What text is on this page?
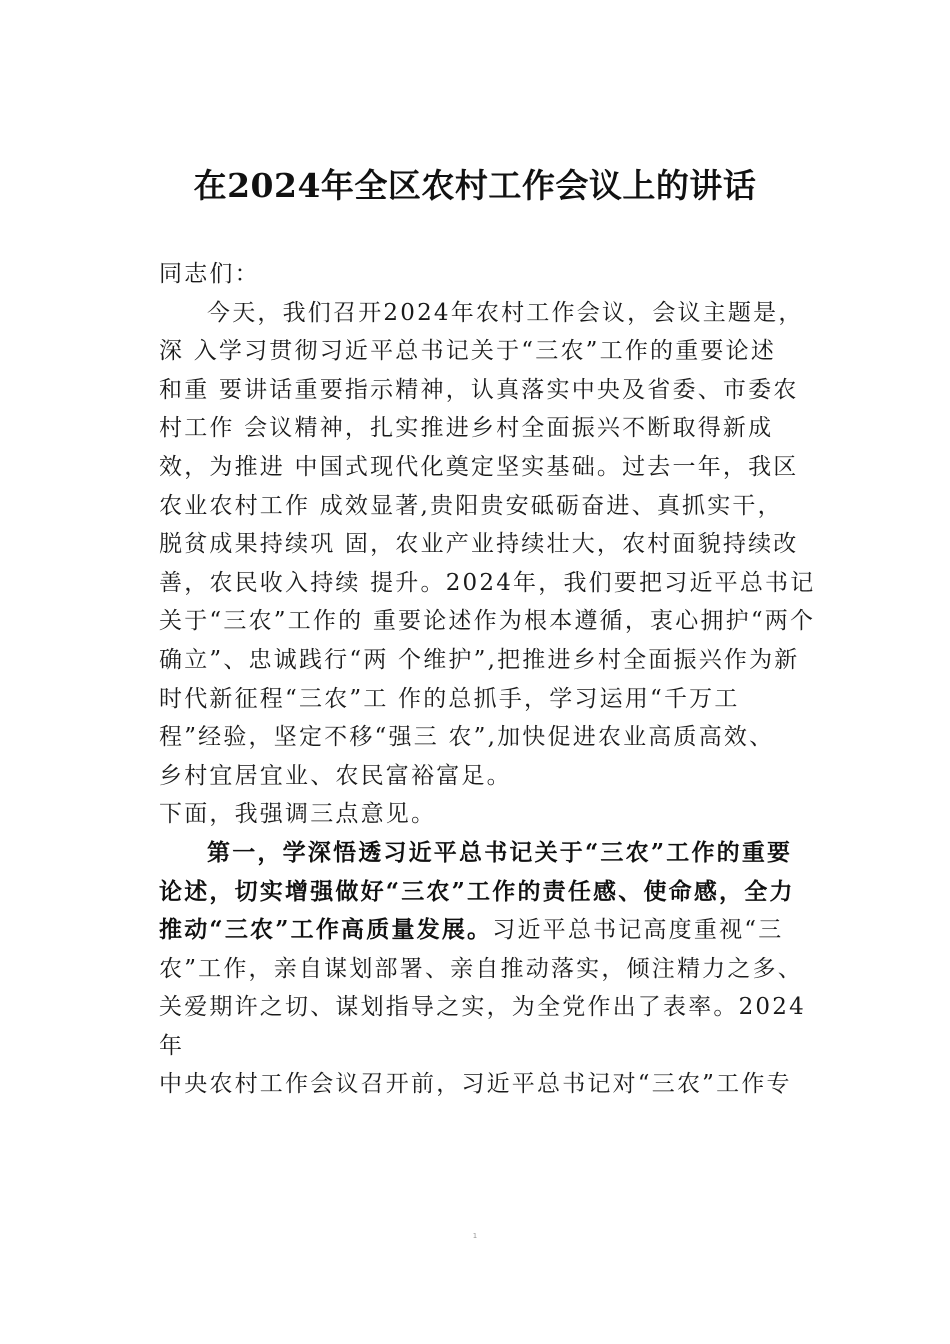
在2024年全区农村工作会议上的讲话
同志们：
今天，我们召开2024年农村工作会议，会议主题是，
深 入学习贯彻习近平总书记关于“三农”工作的重要论述
和重 要讲话重要指示精神，认真落实中央及省委、市委农
村工作 会议精神，扎实推进乡村全面振兴不断取得新成
效，为推进 中国式现代化奠定坚实基础。过去一年，我区
农业农村工作 成效显著,贵阳贵安砥砺奋进、真抓实干，
脱贫成果持续巩 固，农业产业持续壮大，农村面貌持续改
善，农民收入持续 提升。2024年，我们要把习近平总书记
关于“三农”工作的 重要论述作为根本遵循，衷心拥护“两个
确立”、忠诚践行“两 个维护”,把推进乡村全面振兴作为新
时代新征程“三农”工 作的总抓手，学习运用“千万工
程”经验，坚定不移“强三 农”,加快促进农业高质高效、
乡村宜居宜业、农民富裕富足。
下面，我强调三点意见。
第一，学深悟透习近平总书记关于“三农”工作的重要
论述，切实增强做好“三农”工作的责任感、使命感，全力
推动“三农”工作高质量发展。习近平总书记高度重视“三
农”工作，亲自谋划部署、亲自推动落实，倾注精力之多、
关爱期许之切、谋划指导之实，为全党作出了表率。2024
年
中央农村工作会议召开前，习近平总书记对“三农”工作专
1
